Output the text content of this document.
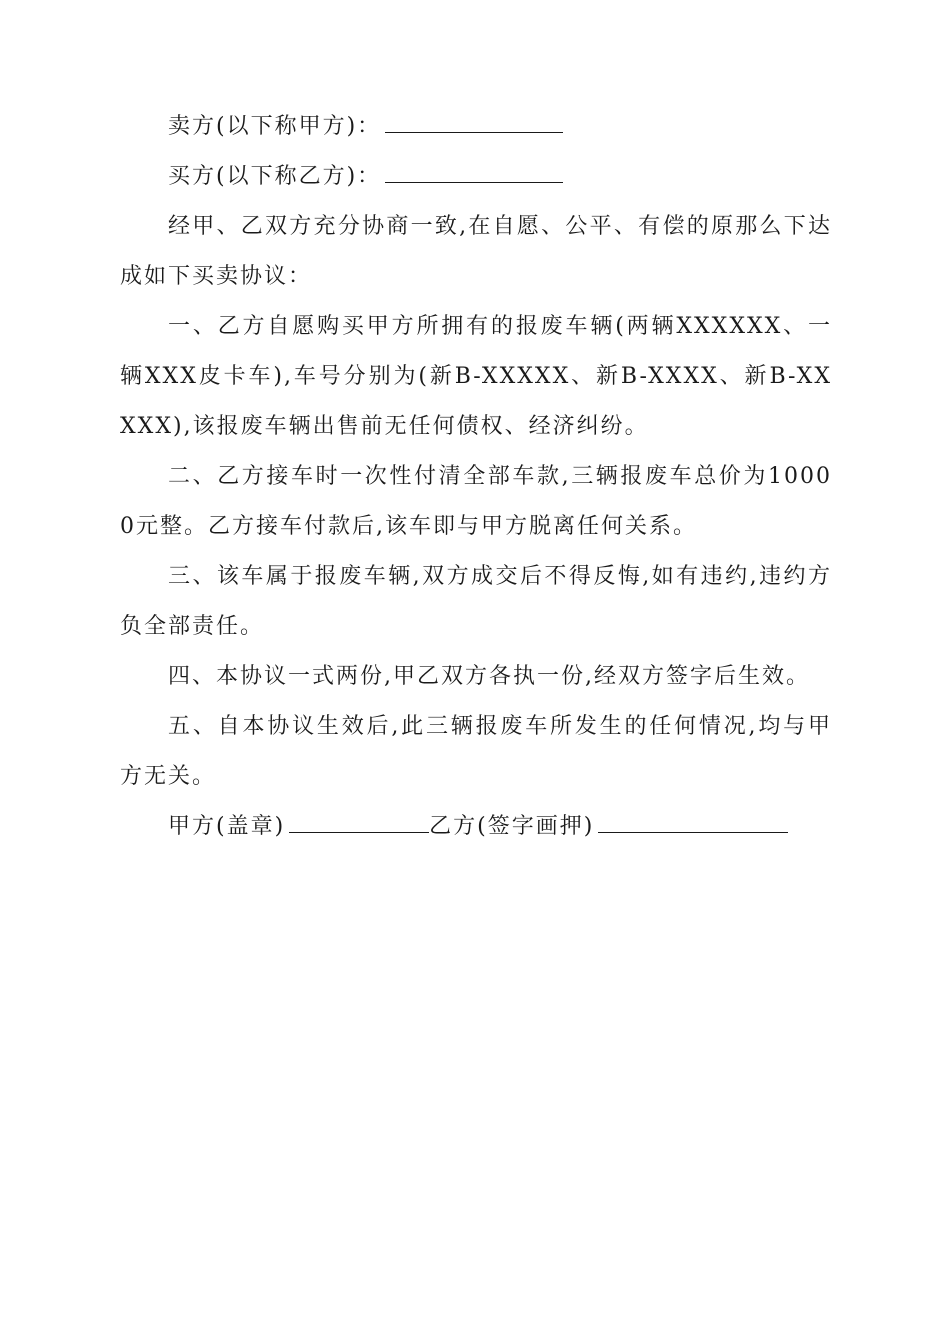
卖方(以下称甲方)：

买方(以下称乙方)：

经甲、乙双方充分协商一致,在自愿、公平、有偿的原那么下达成如下买卖协议：

一、乙方自愿购买甲方所拥有的报废车辆(两辆XXXXXX、一辆XXX皮卡车),车号分别为(新B-XXXXX、新B-XXXX、新B-XXXXX),该报废车辆出售前无任何债权、经济纠纷。

二、乙方接车时一次性付清全部车款,三辆报废车总价为10000元整。乙方接车付款后,该车即与甲方脱离任何关系。

三、该车属于报废车辆,双方成交后不得反悔,如有违约,违约方负全部责任。

四、本协议一式两份,甲乙双方各执一份,经双方签字后生效。

五、自本协议生效后,此三辆报废车所发生的任何情况,均与甲方无关。

甲方(盖章)	乙方(签字画押)
